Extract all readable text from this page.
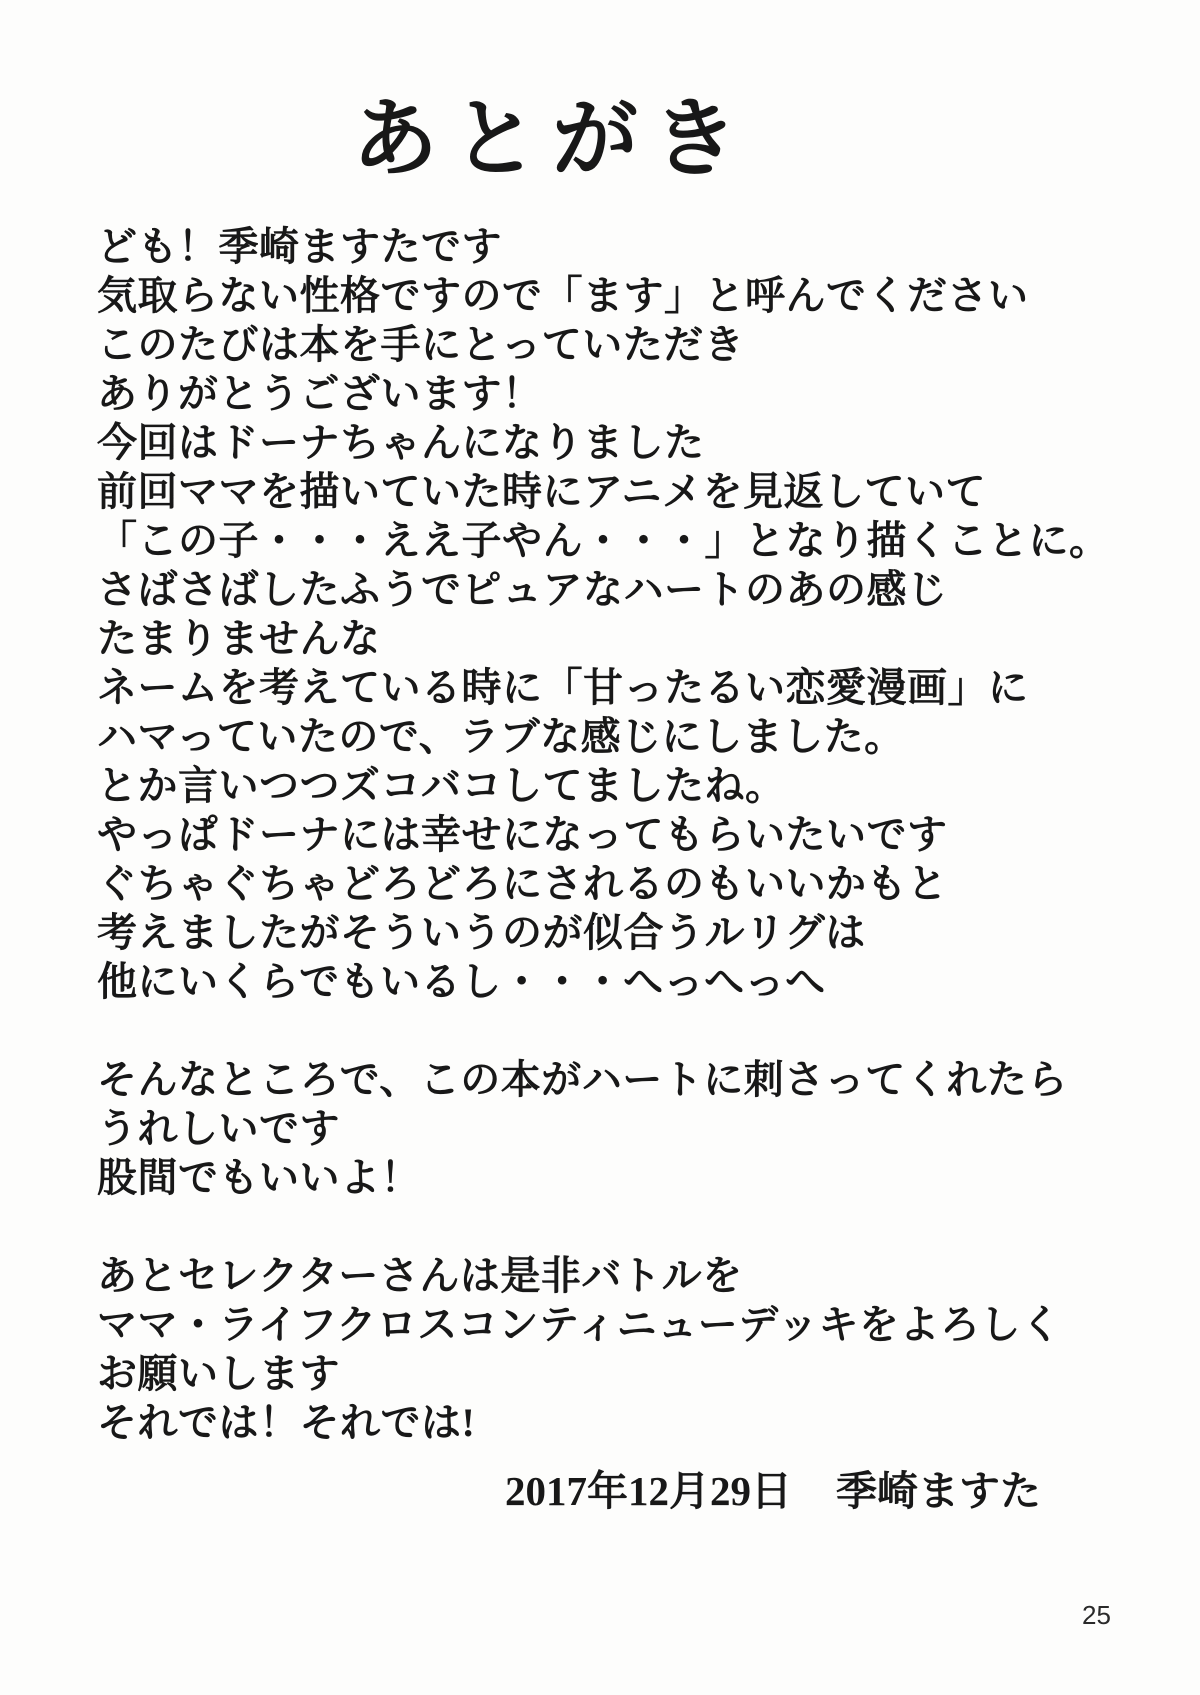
あとがき
ども！季崎ますたです
気取らない性格ですので「ます」と呼んでください
このたびは本を手にとっていただき
ありがとうございます！
今回はドーナちゃんになりました
前回ママを描いていた時にアニメを見返していて
「この子・・・ええ子やん・・・」となり描くことに。
さばさばしたふうでピュアなハートのあの感じ
たまりませんな
ネームを考えている時に「甘ったるい恋愛漫画」に
ハマっていたので、ラブな感じにしました。
とか言いつつズコバコしてましたね。
やっぱドーナには幸せになってもらいたいです
ぐちゃぐちゃどろどろにされるのもいいかもと
考えましたがそういうのが似合うルリグは
他にいくらでもいるし・・・へっへっへ
そんなところで、この本がハートに刺さってくれたら
うれしいです
股間でもいいよ！
あとセレクターさんは是非バトルを
ママ・ライフクロスコンティニューデッキをよろしく
お願いします
それでは！それでは!
2017年12月29日 季崎ますた
25
